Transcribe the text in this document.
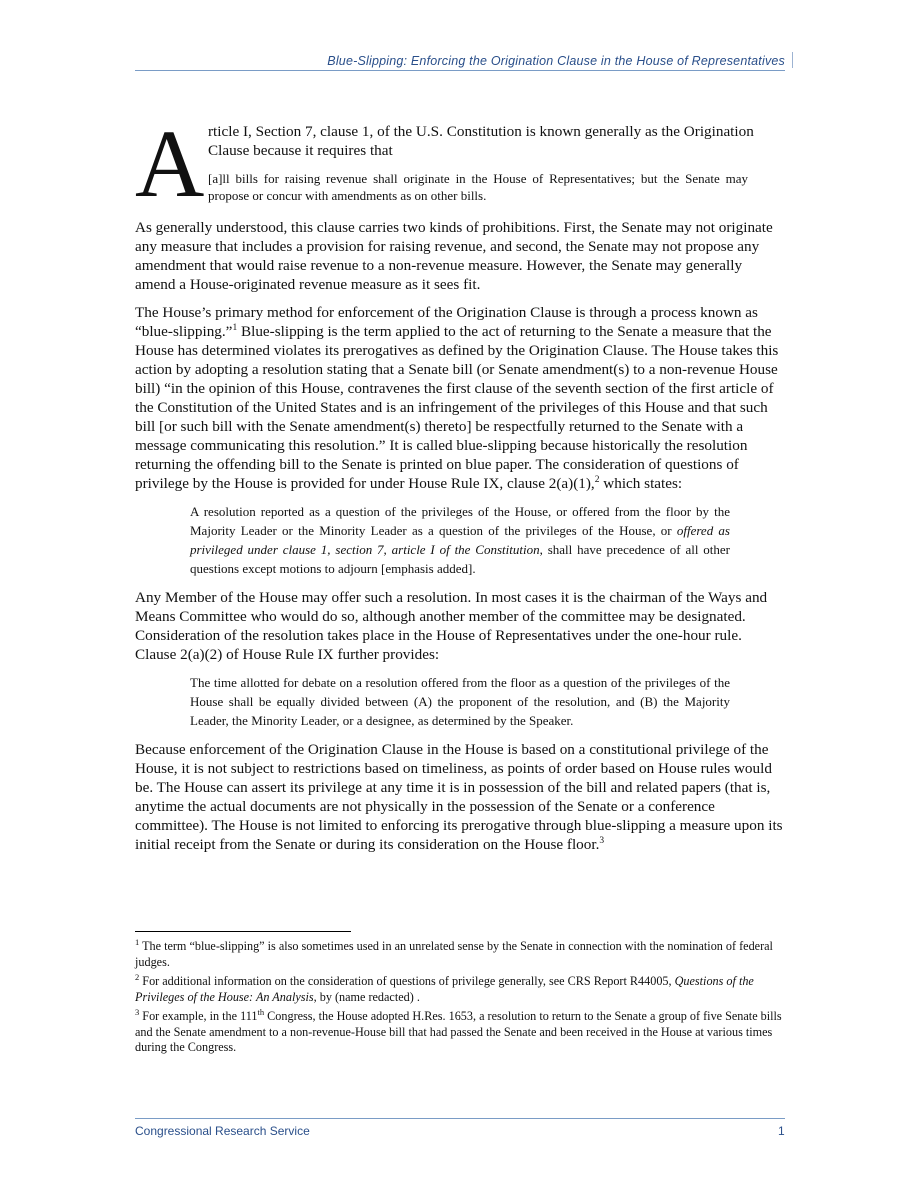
Blue-Slipping: Enforcing the Origination Clause in the House of Representatives
A rticle I, Section 7, clause 1, of the U.S. Constitution is known generally as the Origination Clause because it requires that

[a]ll bills for raising revenue shall originate in the House of Representatives; but the Senate may propose or concur with amendments as on other bills.

As generally understood, this clause carries two kinds of prohibitions. First, the Senate may not originate any measure that includes a provision for raising revenue, and second, the Senate may not propose any amendment that would raise revenue to a non-revenue measure. However, the Senate may generally amend a House-originated revenue measure as it sees fit.

The House’s primary method for enforcement of the Origination Clause is through a process known as “blue-slipping.”$^1$ Blue-slipping is the term applied to the act of returning to the Senate a measure that the House has determined violates its prerogatives as defined by the Origination Clause. The House takes this action by adopting a resolution stating that a Senate bill (or Senate amendment(s) to a non-revenue House bill) “in the opinion of this House, contravenes the first clause of the seventh section of the first article of the Constitution of the United States and is an infringement of the privileges of this House and that such bill [or such bill with the Senate amendment(s) thereto] be respectfully returned to the Senate with a message communicating this resolution.” It is called blue-slipping because historically the resolution returning the offending bill to the Senate is printed on blue paper. The consideration of questions of privilege by the House is provided for under House Rule IX, clause 2(a)(1),$^2$ which states:

A resolution reported as a question of the privileges of the House, or offered from the floor by the Majority Leader or the Minority Leader as a question of the privileges of the House, or offered as privileged under clause 1, section 7, article I of the Constitution, shall have precedence of all other questions except motions to adjourn [emphasis added].

Any Member of the House may offer such a resolution. In most cases it is the chairman of the Ways and Means Committee who would do so, although another member of the committee may be designated. Consideration of the resolution takes place in the House of Representatives under the one-hour rule. Clause 2(a)(2) of House Rule IX further provides:

The time allotted for debate on a resolution offered from the floor as a question of the privileges of the House shall be equally divided between (A) the proponent of the resolution, and (B) the Majority Leader, the Minority Leader, or a designee, as determined by the Speaker.

Because enforcement of the Origination Clause in the House is based on a constitutional privilege of the House, it is not subject to restrictions based on timeliness, as points of order based on House rules would be. The House can assert its privilege at any time it is in possession of the bill and related papers (that is, anytime the actual documents are not physically in the possession of the Senate or a conference committee). The House is not limited to enforcing its prerogative through blue-slipping a measure upon its initial receipt from the Senate or during its consideration on the House floor.$^3$

$^1$ The term “blue-slipping” is also sometimes used in an unrelated sense by the Senate in connection with the nomination of federal judges.

$^2$ For additional information on the consideration of questions of privilege generally, see CRS Report R44005, Questions of the Privileges of the House: An Analysis, by (name redacted) .

$^3$ For example, in the 111th Congress, the House adopted H.Res. 1653, a resolution to return to the Senate a group of five Senate bills and the Senate amendment to a non-revenue-House bill that had passed the Senate and been received in the House at various times during the Congress.

Congressional Research Service	1
